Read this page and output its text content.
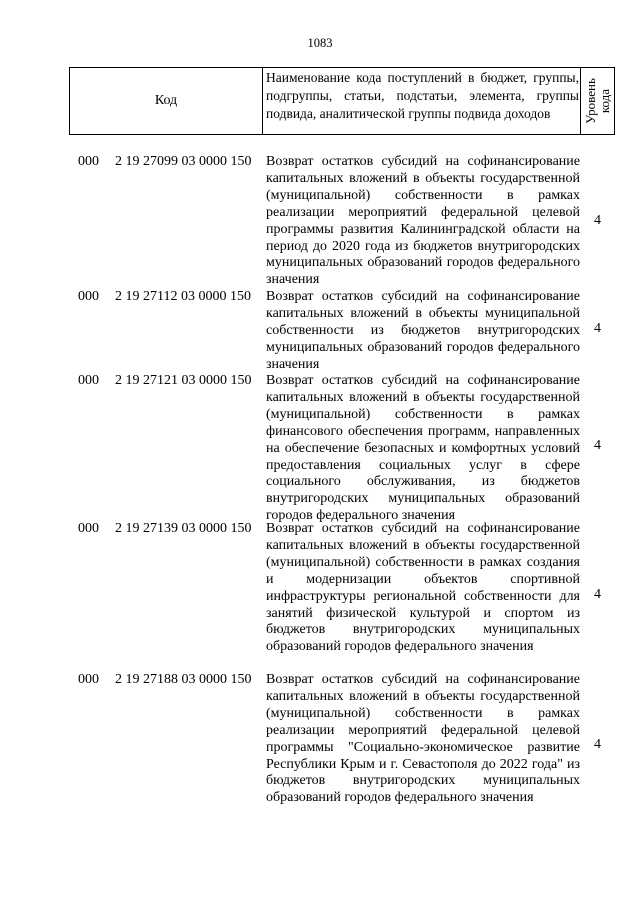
1083
Код
Наименование кода поступлений в бюджет, группы, подгруппы, статьи, подстатьи, элемента, группы подвида, аналитической группы подвида доходов	Уровень кода
000 2 19 27099 03 0000 150 Возврат остатков субсидий на софинансирование капитальных вложений в объекты государственной (муниципальной) собственности в рамках реализации мероприятий федеральной целевой программы развития Калининградской области на период до 2020 года из бюджетов внутригородских муниципальных образований городов федерального значения
4
000 2 19 27112 03 0000 150 Возврат остатков субсидий на софинансирование капитальных вложений в объекты муниципальной собственности из бюджетов внутригородских муниципальных образований городов федерального значения
4
000 2 19 27121 03 0000 150 Возврат остатков субсидий на софинансирование капитальных вложений в объекты государственной (муниципальной) собственности в рамках финансового обеспечения программ, направленных на обеспечение безопасных и комфортных условий предоставления социальных услуг в сфере социального обслуживания, из бюджетов внутригородских муниципальных образований городов федерального значения
4
000 2 19 27139 03 0000 150 Возврат остатков субсидий на софинансирование капитальных вложений в объекты государственной (муниципальной) собственности в рамках создания и модернизации объектов спортивной инфраструктуры региональной собственности для занятий физической культурой и спортом из бюджетов внутригородских муниципальных образований городов федерального значения
4
000 2 19 27188 03 0000 150 Возврат остатков субсидий на софинансирование капитальных вложений в объекты государственной (муниципальной) собственности в рамках реализации мероприятий федеральной целевой программы "Социально-экономическое развитие Республики Крым и г. Севастополя до 2022 года" из бюджетов внутригородских муниципальных образований городов федерального значения
4
